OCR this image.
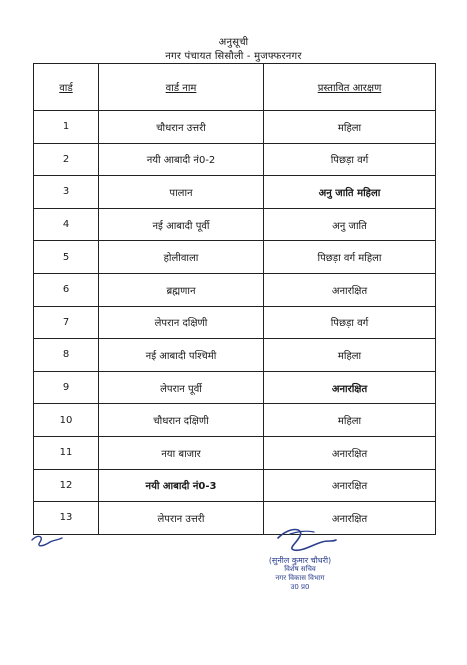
अनुसूची
नगर पंचायत सिसौली - मुजफ्फरनगर
वार्ड	वार्ड नाम	प्रस्तावित आरक्षण
1	चौधरान उत्तरी	महिला
2	नयी आबादी नं0-2	पिछड़ा वर्ग
3	पालान	अनु जाति महिला
4	नई आबादी पूर्वी	अनु जाति
5	होलीवाला	पिछड़ा वर्ग महिला
6	ब्रह्मणान	अनारक्षित
7	लेपरान दक्षिणी	पिछड़ा वर्ग
8	नई आबादी पश्चिमी	महिला
9	लेपरान पूर्वी	अनारक्षित
10	चौधरान दक्षिणी	महिला
11	नया बाजार	अनारक्षित
12	नयी आबादी नं0-3	अनारक्षित
13	लेपरान उत्तरी	अनारक्षित
(सुनील कुमार चौधरी)
विशेष सचिव
नगर विकास विभाग
उ0 प्र0
